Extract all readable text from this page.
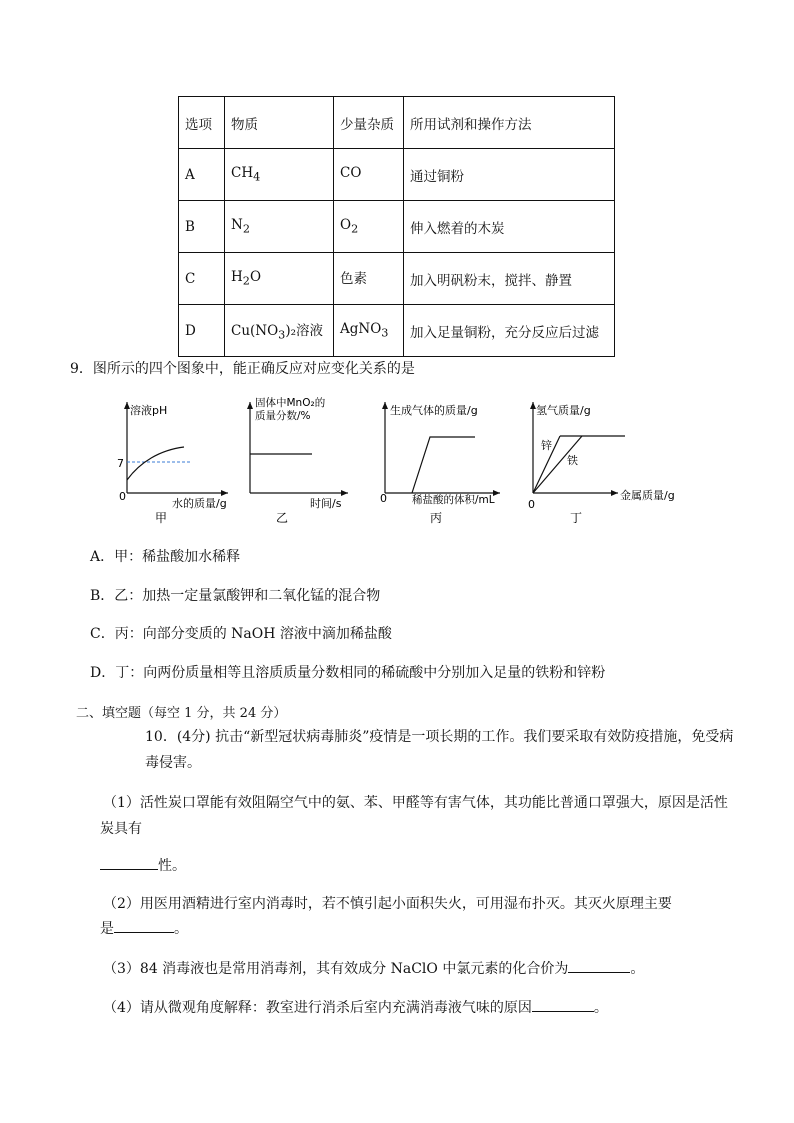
选项	物质	少量杂质	所用试剂和操作方法
A	$CH_4$	CO	通过铜粉
B	$N_2$	$O_2$	伸入燃着的木炭
C	$H_2O$	色素	加入明矾粉末，搅拌、静置
D	$Cu(NO_3)_2$溶液	AgNO$_3$	加入足量铜粉，充分反应后过滤
9．图所示的四个图象中，能正确反应对应变化关系的是
溶液pH
7
0
水的质量/g
甲
固体中MnO₂的
质量分数/%
时间/s
乙
生成气体的质量/g
0 稀盐酸的体积/mL
丙
氢气质量/g
锌
铁
0
金属质量/g
丁
A．甲：稀盐酸加水稀释
B．乙：加热一定量氯酸钾和二氧化锰的混合物
C．丙：向部分变质的 NaOH 溶液中滴加稀盐酸
D．丁：向两份质量相等且溶质质量分数相同的稀硫酸中分别加入足量的铁粉和锌粉
二、填空题（每空 1 分，共 24 分）
10．(4分) 抗击“新型冠状病毒肺炎”疫情是一项长期的工作。我们要采取有效防疫措施，免受病
毒侵害。
（1）活性炭口罩能有效阻隔空气中的氨、苯、甲醛等有害气体，其功能比普通口罩强大，原因是活性
炭具有
性。
（2）用医用酒精进行室内消毒时，若不慎引起小面积失火，可用湿布扑灭。其灭火原理主要
是	。
（3）84 消毒液也是常用消毒剂，其有效成分 NaClO 中氯元素的化合价为	。
（4）请从微观角度解释：教室进行消杀后室内充满消毒液气味的原因	。
